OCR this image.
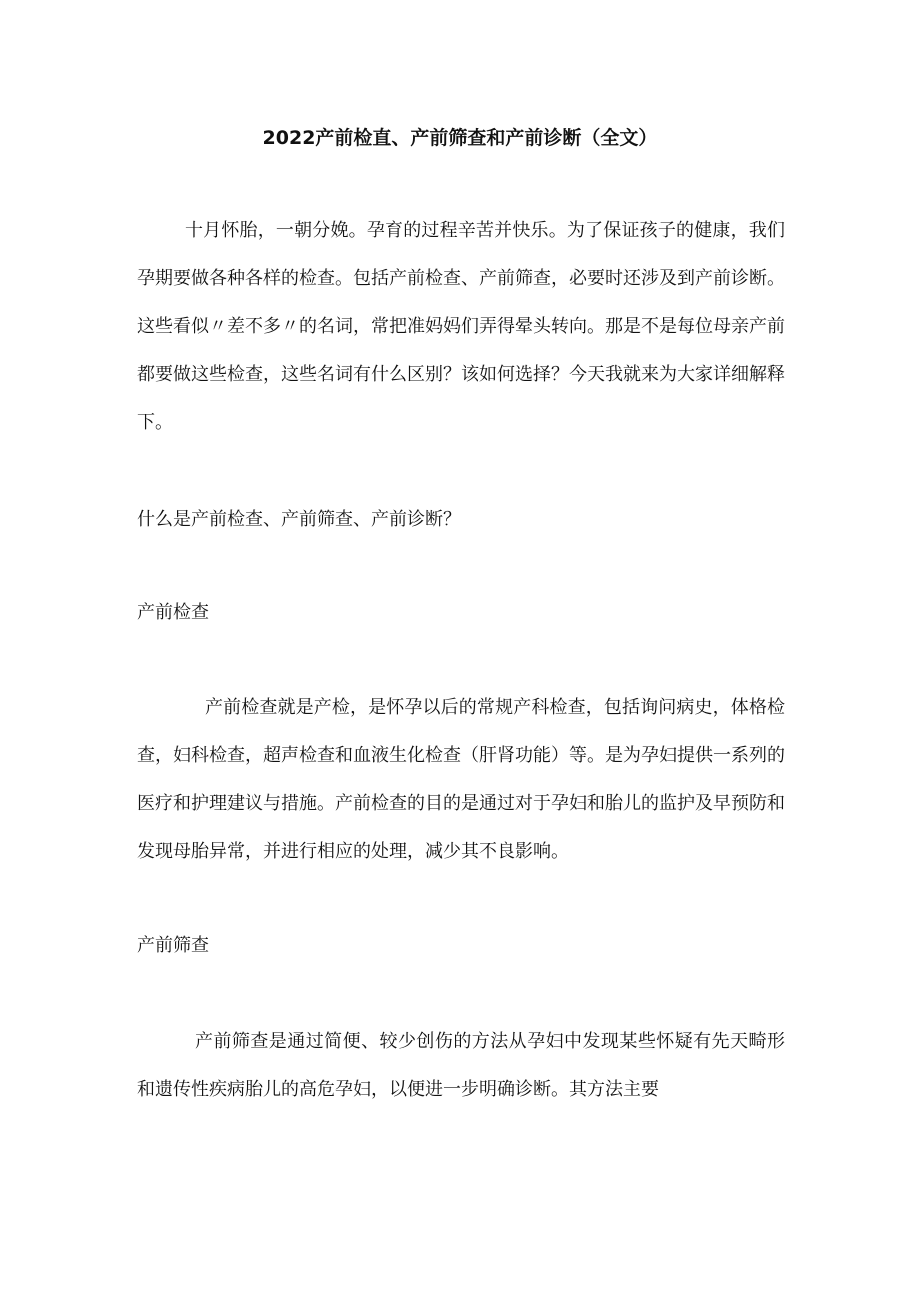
2022产前检直、产前筛查和产前诊断（全文）
十月怀胎，一朝分娩。孕育的过程辛苦并快乐。为了保证孩子的健康，我们孕期要做各种各样的检查。包括产前检查、产前筛查，必要时还涉及到产前诊断。这些看似〃差不多〃的名词，常把准妈妈们弄得晕头转向。那是不是每位母亲产前都要做这些检查，这些名词有什么区别？该如何选择？今天我就来为大家详细解释下。
什么是产前检查、产前筛查、产前诊断？
产前检查
产前检查就是产检，是怀孕以后的常规产科检查，包括询问病史，体格检查，妇科检查，超声检查和血液生化检查（肝肾功能）等。是为孕妇提供一系列的医疗和护理建议与措施。产前检查的目的是通过对于孕妇和胎儿的监护及早预防和发现母胎异常，并进行相应的处理，减少其不良影响。
产前筛查
产前筛查是通过简便、较少创伤的方法从孕妇中发现某些怀疑有先天畸形和遗传性疾病胎儿的高危孕妇，以便进一步明确诊断。其方法主要
